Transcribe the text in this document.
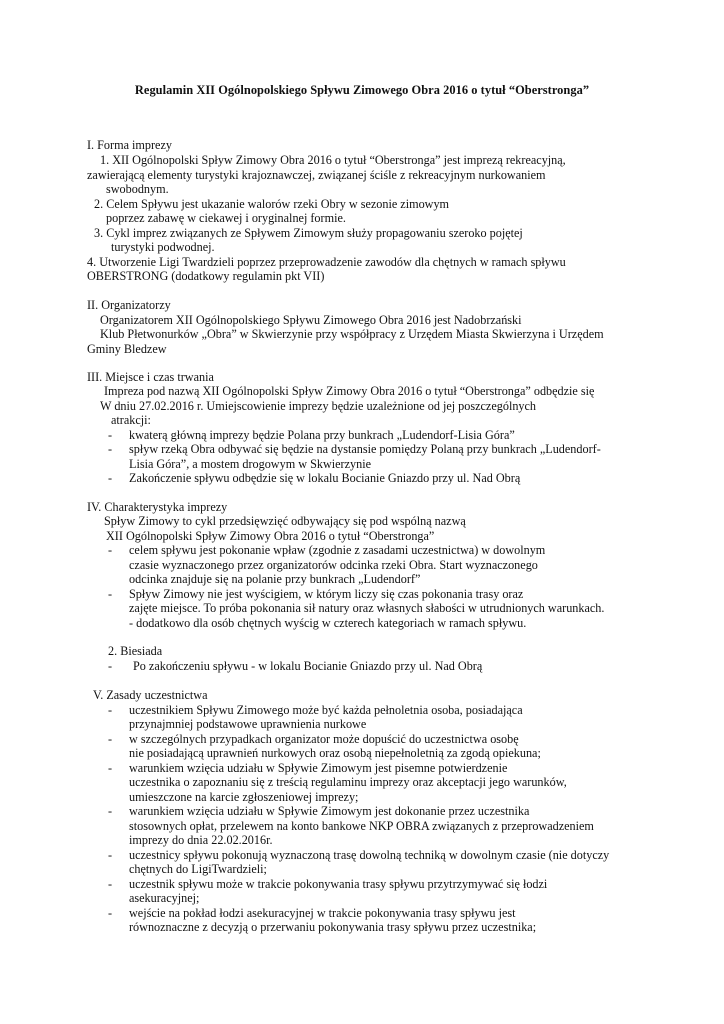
Regulamin XII Ogólnopolskiego Spływu Zimowego Obra 2016 o tytuł “Oberstronga”
I. Forma imprezy
1. XII Ogólnopolski Spływ Zimowy Obra 2016 o tytuł “Oberstronga” jest imprezą rekreacyjną,
zawierającą elementy turystyki krajoznawczej, związanej ściśle z rekreacyjnym nurkowaniem
swobodnym.
2. Celem Spływu jest ukazanie walorów rzeki Obry w sezonie zimowym
poprzez zabawę w ciekawej i oryginalnej formie.
3. Cykl imprez związanych ze Spływem Zimowym służy propagowaniu szeroko pojętej
turystyki podwodnej.
4. Utworzenie Ligi Twardzieli poprzez przeprowadzenie zawodów dla chętnych w ramach spływu
OBERSTRONG (dodatkowy regulamin pkt VII)
II. Organizatorzy
Organizatorem XII Ogólnopolskiego Spływu Zimowego Obra 2016 jest Nadobrzański
Klub Płetwonurków „Obra” w Skwierzynie przy współpracy z Urzędem Miasta Skwierzyna i Urzędem
Gminy Bledzew
III. Miejsce i czas trwania
Impreza pod nazwą XII Ogólnopolski Spływ Zimowy Obra 2016 o tytuł “Oberstronga” odbędzie się
W dniu 27.02.2016 r. Umiejscowienie imprezy będzie uzależnione od jej poszczególnych
atrakcji:
- kwaterą główną imprezy będzie Polana przy bunkrach „Ludendorf-Lisia Góra”
- spływ rzeką Obra odbywać się będzie na dystansie pomiędzy Polaną przy bunkrach „Ludendorf-
Lisia Góra”, a mostem drogowym w Skwierzynie
- Zakończenie spływu odbędzie się w lokalu Bocianie Gniazdo przy ul. Nad Obrą
IV. Charakterystyka imprezy
Spływ Zimowy to cykl przedsięwzięć odbywający się pod wspólną nazwą
XII Ogólnopolski Spływ Zimowy Obra 2016 o tytuł “Oberstronga”
- celem spływu jest pokonanie wpław (zgodnie z zasadami uczestnictwa) w dowolnym
czasie wyznaczonego przez organizatorów odcinka rzeki Obra. Start wyznaczonego
odcinka znajduje się na polanie przy bunkrach „Ludendorf”
- Spływ Zimowy nie jest wyścigiem, w którym liczy się czas pokonania trasy oraz
zajęte miejsce. To próba pokonania sił natury oraz własnych słabości w utrudnionych warunkach.
- dodatkowo dla osób chętnych wyścig w czterech kategoriach w ramach spływu.
2. Biesiada
- Po zakończeniu spływu - w lokalu Bocianie Gniazdo przy ul. Nad Obrą
V. Zasady uczestnictwa
- uczestnikiem Spływu Zimowego może być każda pełnoletnia osoba, posiadająca
przynajmniej podstawowe uprawnienia nurkowe
- w szczególnych przypadkach organizator może dopuścić do uczestnictwa osobę
nie posiadającą uprawnień nurkowych oraz osobą niepełnoletnią za zgodą opiekuna;
- warunkiem wzięcia udziału w Spływie Zimowym jest pisemne potwierdzenie
uczestnika o zapoznaniu się z treścią regulaminu imprezy oraz akceptacji jego warunków,
umieszczone na karcie zgłoszeniowej imprezy;
- warunkiem wzięcia udziału w Spływie Zimowym jest dokonanie przez uczestnika
stosownych opłat, przelewem na konto bankowe NKP OBRA związanych z przeprowadzeniem
imprezy do dnia 22.02.2016r.
- uczestnicy spływu pokonują wyznaczoną trasę dowolną techniką w dowolnym czasie (nie dotyczy
chętnych do LigiTwardzieli;
- uczestnik spływu może w trakcie pokonywania trasy spływu przytrzymywać się łodzi
asekuracyjnej;
- wejście na pokład łodzi asekuracyjnej w trakcie pokonywania trasy spływu jest
równoznaczne z decyzją o przerwaniu pokonywania trasy spływu przez uczestnika;
